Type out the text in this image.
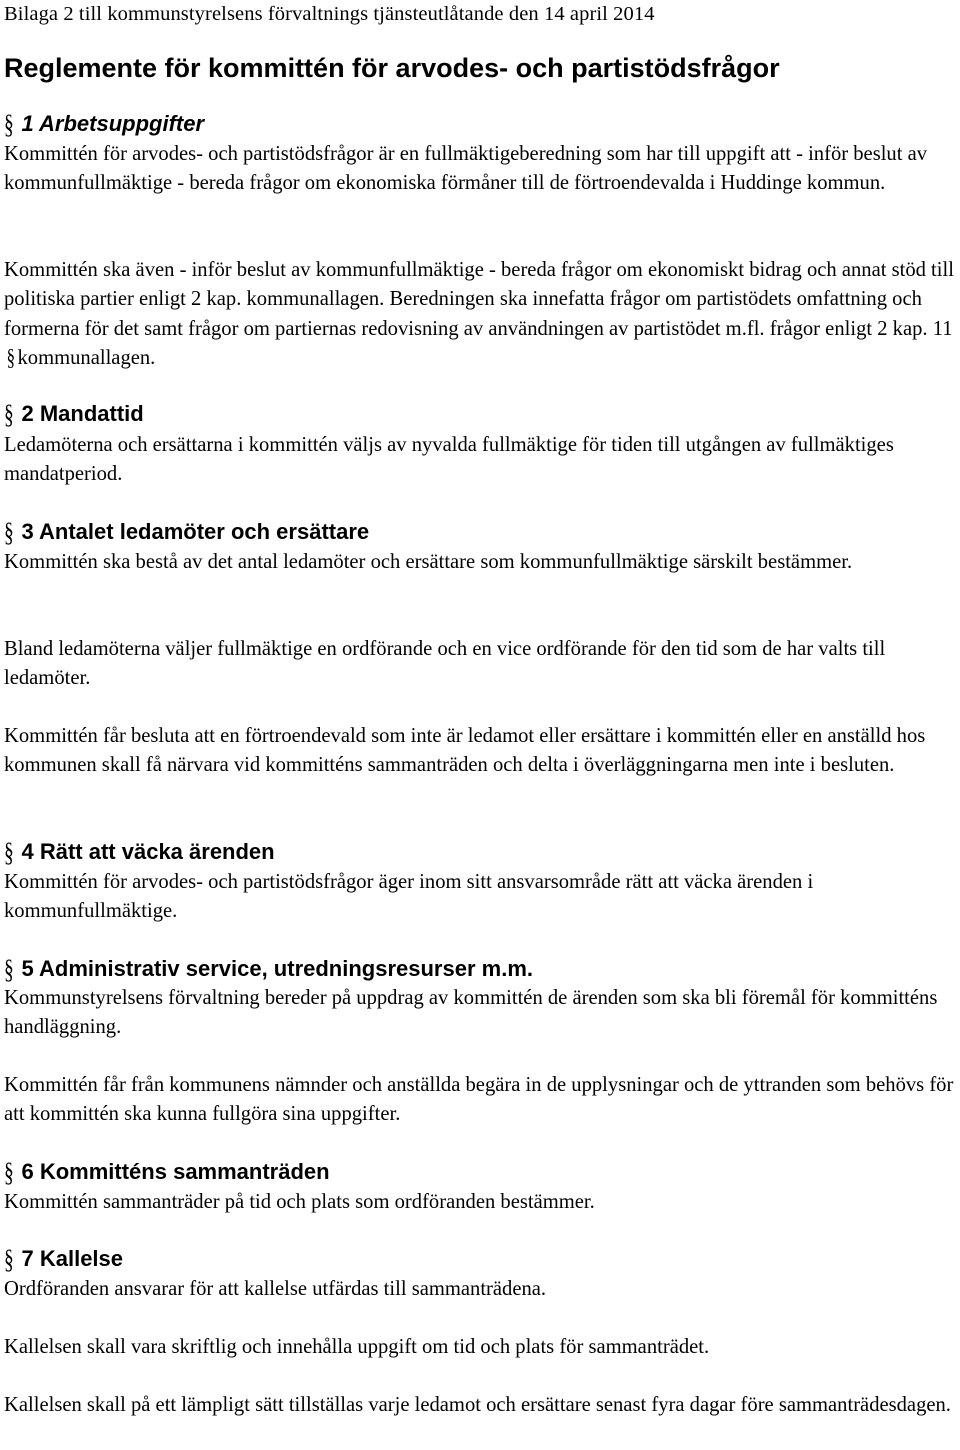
Bilaga 2 till kommunstyrelsens förvaltnings tjänsteutlåtande den 14 april 2014
Reglemente för kommittén för arvodes- och partistödsfrågor
§ 1 Arbetsuppgifter
Kommittén för arvodes- och partistödsfrågor är en fullmäktigeberedning som har till uppgift att - inför beslut av kommunfullmäktige - bereda frågor om ekonomiska förmåner till de förtroendevalda i Huddinge kommun.
Kommittén ska även - inför beslut av kommunfullmäktige - bereda frågor om ekonomiskt bidrag och annat stöd till politiska partier enligt 2 kap. kommunallagen. Beredningen ska innefatta frågor om partistödets omfattning och formerna för det samt frågor om partiernas redovisning av användningen av partistödet m.fl. frågor enligt 2 kap. 11§ kommunallagen.
§ 2 Mandattid
Ledamöterna och ersättarna i kommittén väljs av nyvalda fullmäktige för tiden till utgången av fullmäktiges mandatperiod.
§ 3 Antalet ledamöter och ersättare
Kommittén ska bestå av det antal ledamöter och ersättare som kommunfullmäktige särskilt bestämmer.
Bland ledamöterna väljer fullmäktige en ordförande och en vice ordförande för den tid som de har valts till ledamöter.
Kommittén får besluta att en förtroendevald som inte är ledamot eller ersättare i kommittén eller en anställd hos kommunen skall få närvara vid kommitténs sammanträden och delta i överläggningarna men inte i besluten.
§ 4 Rätt att väcka ärenden
Kommittén för arvodes- och partistödsfrågor äger inom sitt ansvarsområde rätt att väcka ärenden i kommunfullmäktige.
§ 5 Administrativ service, utredningsresurser m.m.
Kommunstyrelsens förvaltning bereder på uppdrag av kommittén de ärenden som ska bli föremål för kommitténs handläggning.
Kommittén får från kommunens nämnder och anställda begära in de upplysningar och de yttranden som behövs för att kommittén ska kunna fullgöra sina uppgifter.
§ 6 Kommitténs sammanträden
Kommittén sammanträder på tid och plats som ordföranden bestämmer.
§ 7 Kallelse
Ordföranden ansvarar för att kallelse utfärdas till sammanträdena.
Kallelsen skall vara skriftlig och innehålla uppgift om tid och plats för sammanträdet.
Kallelsen skall på ett lämpligt sätt tillställas varje ledamot och ersättare senast fyra dagar före sammanträdesdagen.
